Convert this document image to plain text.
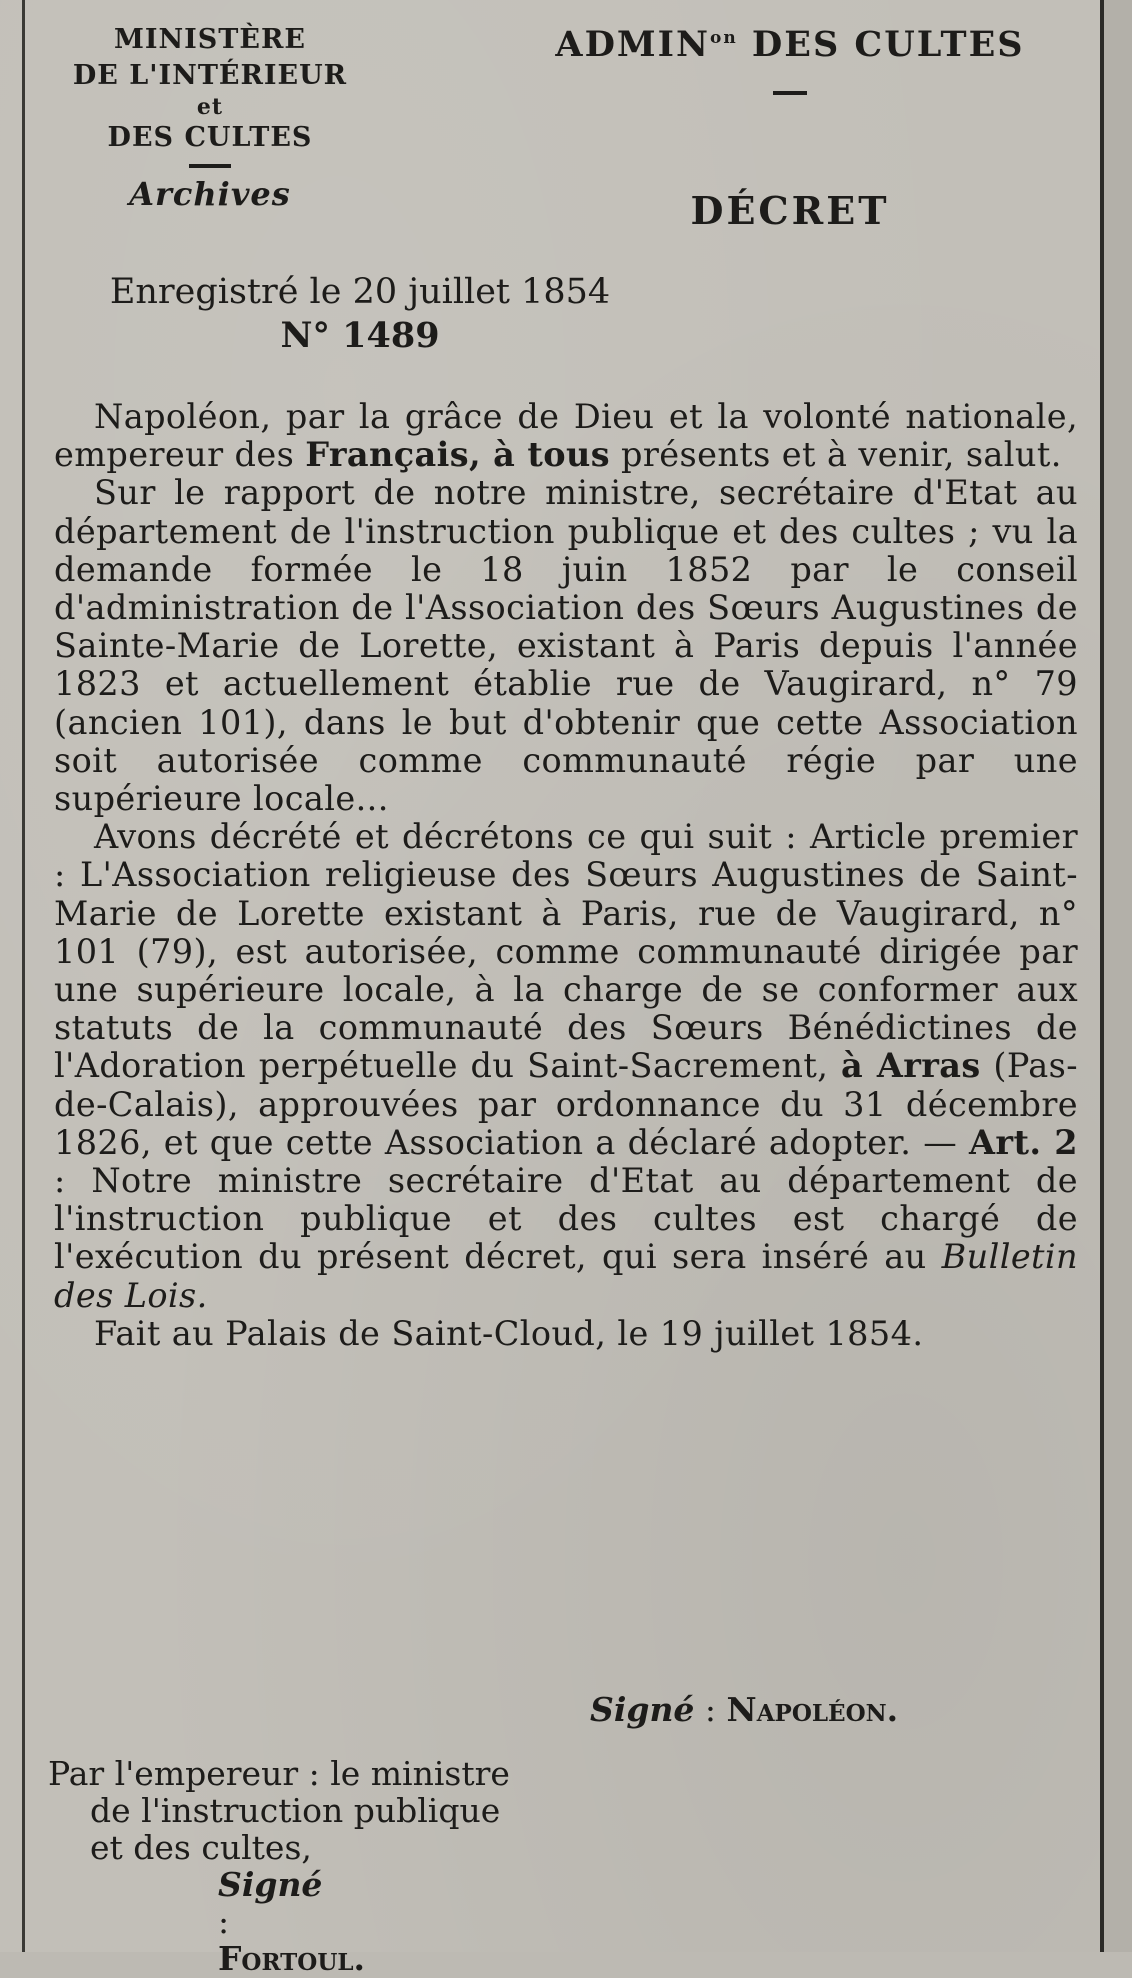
MINISTÈRE
DE L'INTÉRIEUR
et
DES CULTES
Archives
$ADMIN^{on}$ DES CULTES
DÉCRET
Enregistré le 20 juillet 1854
N° 1489

Napoléon, par la grâce de Dieu et la volonté nationale, empereur des Français, à tous présents et à venir, salut.

Sur le rapport de notre ministre, secrétaire d'Etat au département de l'instruction publique et des cultes ; vu la demande formée le 18 juin 1852 par le conseil d'administration de l'Association des Sœurs Augustines de Sainte-Marie de Lorette, existant à Paris depuis l'année 1823 et actuellement établie rue de Vaugirard, n° 79 (ancien 101), dans le but d'obtenir que cette Association soit autorisée comme communauté régie par une supérieure locale...

Avons décrété et décrétons ce qui suit : Article premier : L'Association religieuse des Sœurs Augustines de Saint-Marie de Lorette existant à Paris, rue de Vaugirard, n° 101 (79), est autorisée, comme communauté dirigée par une supérieure locale, à la charge de se conformer aux statuts de la communauté des Sœurs Bénédictines de l'Adoration perpétuelle du Saint-Sacrement, à Arras (Pas-de-Calais), approuvées par ordonnance du 31 décembre 1826, et que cette Association a déclaré adopter. — Art. 2 : Notre ministre secrétaire d'Etat au département de l'instruction publique et des cultes est chargé de l'exécution du présent décret, qui sera inséré au Bulletin des Lois.

Fait au Palais de Saint-Cloud, le 19 juillet 1854.

Signé : Napoléon.
Par l'empereur : le ministre
de l'instruction publique
et des cultes,
Signé
:
Fortoul.
